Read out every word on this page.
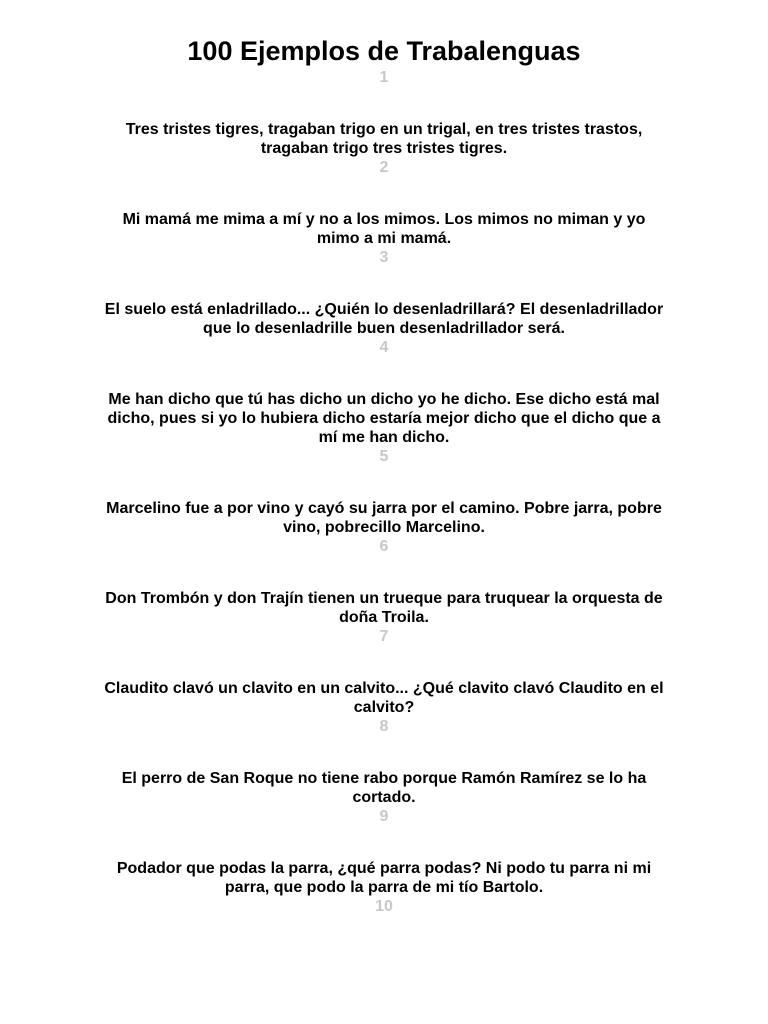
100 Ejemplos de Trabalenguas
1
Tres tristes tigres, tragaban trigo en un trigal, en tres tristes trastos, tragaban trigo tres tristes tigres.
2
Mi mamá me mima a mí y no a los mimos. Los mimos no miman y yo mimo a mi mamá.
3
El suelo está enladrillado... ¿Quién lo desenladrillará? El desenladrillador que lo desenladrille buen desenladrillador será.
4
Me han dicho que tú has dicho un dicho yo he dicho. Ese dicho está mal dicho, pues si yo lo hubiera dicho estaría mejor dicho que el dicho que a mí me han dicho.
5
Marcelino fue a por vino y cayó su jarra por el camino. Pobre jarra, pobre vino, pobrecillo Marcelino.
6
Don Trombón y don Trajín tienen un trueque para truquear la orquesta de doña Troila.
7
Claudito clavó un clavito en un calvito... ¿Qué clavito clavó Claudito en el calvito?
8
El perro de San Roque no tiene rabo porque Ramón Ramírez se lo ha cortado.
9
Podador que podas la parra, ¿qué parra podas? Ni podo tu parra ni mi parra, que podo la parra de mi tío Bartolo.
10
